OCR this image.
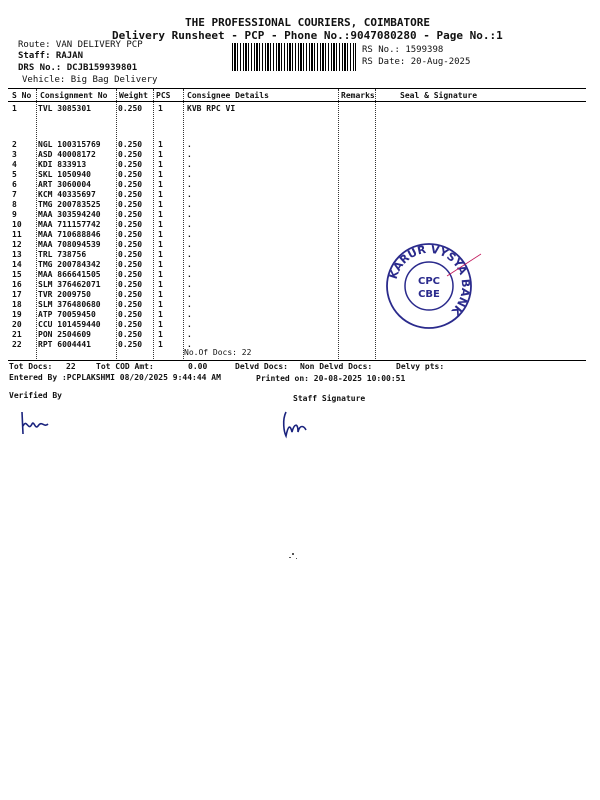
THE PROFESSIONAL COURIERS, COIMBATORE
Delivery Runsheet - PCP - Phone No.:9047080280 - Page No.:1
Route: VAN DELIVERY PCP
Staff: RAJAN
DRS No.: DCJB159939801
Vehicle: Big Bag Delivery
RS No.: 1599398
RS Date: 20-Aug-2025
S No Consignment No Weight PCS Consignee Details	Remarks	Seal & Signature
1	TVL 3085301	0.250 1	KVB RPC VI
2	NGL 100315769 0.250 1	.
3	ASD 40008172	0.250 1	.
4	KDI 833913	0.250 1	.
5	SKL 1050940	0.250 1	.
6	ART 3060004	0.250 1	.
7	KCM 40335697	0.250 1	.
8	TMG 200783525 0.250 1	.
9	MAA 303594240 0.250 1	.
10 MAA 711157742 0.250 1	.
11 MAA 710688846 0.250 1	.
12 MAA 708094539 0.250 1	.
13 TRL 738756	0.250 1	.
14 TMG 200784342 0.250 1	.
15 MAA 866641505 0.250 1	.
16 SLM 376462071 0.250 1	.
17 TVR 2009750	0.250 1	.
18 SLM 376480680 0.250 1	.
19 ATP 70059450	0.250 1	.
20 CCU 101459440 0.250 1	.
21 PON 2504609	0.250 1	.
22 RPT 6004441	0.250 1	.
No.Of Docs: 22
Tot Docs: 22	Tot COD Amt:	0.00	Delvd Docs: Non Delvd Docs:	Delvy pts:
Entered By :PCPLAKSHMI 08/20/2025 9:44:44 AM	Printed on: 20-08-2025 10:00:51
Verified By	Staff Signature
KARUR VYSYA BANK
CPC
CBE
